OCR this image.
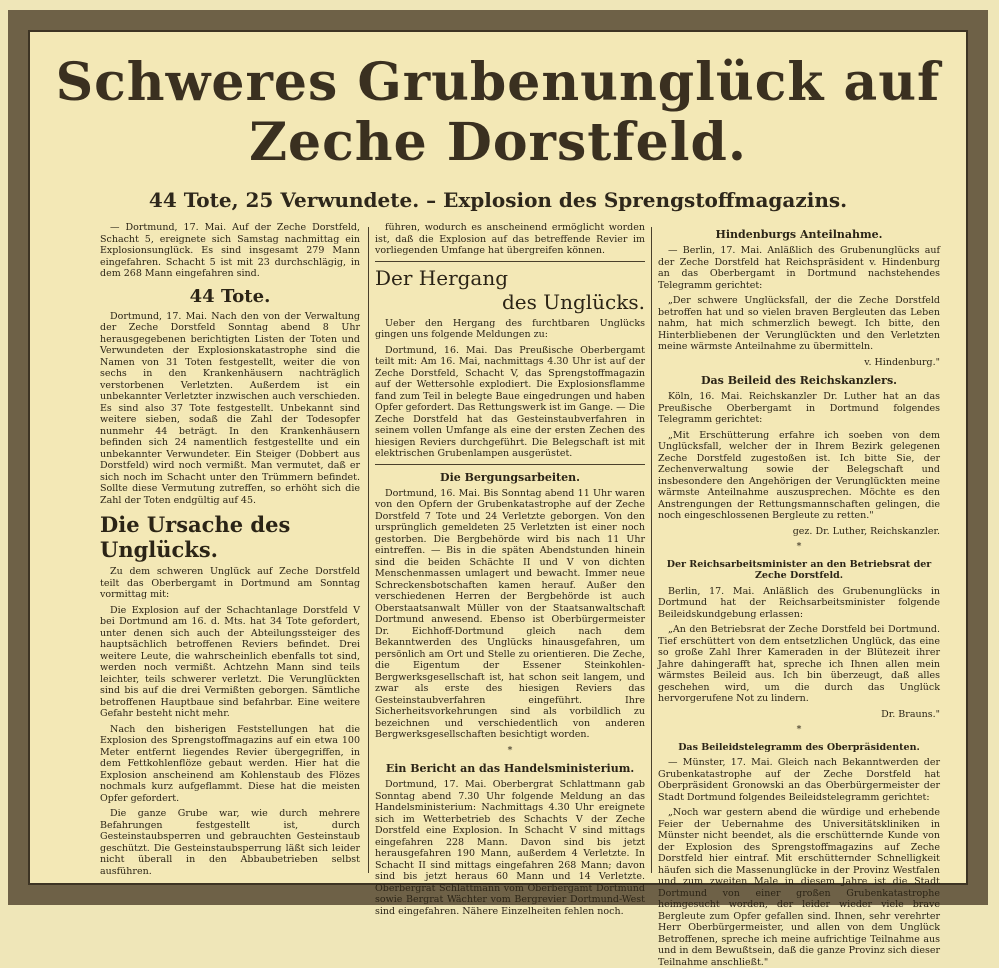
Schweres Grubenunglück auf
Zeche Dorstfeld.
44 Tote, 25 Verwundete. – Explosion des Sprengstoffmagazins.

— Dortmund, 17. Mai. Auf der Zeche Dorstfeld, Schacht 5, ereignete sich Samstag nachmittag ein Explosionsunglück. Es sind insgesamt 279 Mann eingefahren. Schacht 5 ist mit 23 durchschlägig, in dem 268 Mann eingefahren sind.

44 Tote.

Dortmund, 17. Mai. Nach den von der Verwaltung der Zeche Dorstfeld Sonntag abend 8 Uhr herausgegebenen berichtigten Listen der Toten und Verwundeten der Explosionskatastrophe sind die Namen von 31 Toten festgestellt, weiter die von sechs in den Krankenhäusern nachträglich verstorbenen Verletzten. Außerdem ist ein unbekannter Verletzter inzwischen auch verschieden. Es sind also 37 Tote festgestellt. Unbekannt sind weitere sieben, sodaß die Zahl der Todesopfer nunmehr 44 beträgt. In den Krankenhäusern befinden sich 24 namentlich festgestellte und ein unbekannter Verwundeter. Ein Steiger (Dobbert aus Dorstfeld) wird noch vermißt. Man vermutet, daß er sich noch im Schacht unter den Trümmern befindet. Sollte diese Vermutung zutreffen, so erhöht sich die Zahl der Toten endgültig auf 45.

Die Ursache des Unglücks.

Zu dem schweren Unglück auf Zeche Dorstfeld teilt das Oberbergamt in Dortmund am Sonntag vormittag mit:

Die Explosion auf der Schachtanlage Dorstfeld V bei Dortmund am 16. d. Mts. hat 34 Tote gefordert, unter denen sich auch der Abteilungssteiger des hauptsächlich betroffenen Reviers befindet. Drei weitere Leute, die wahrscheinlich ebenfalls tot sind, werden noch vermißt. Achtzehn Mann sind teils leichter, teils schwerer verletzt. Die Verunglückten sind bis auf die drei Vermißten geborgen. Sämtliche betroffenen Hauptbaue sind befahrbar. Eine weitere Gefahr besteht nicht mehr.

Nach den bisherigen Feststellungen hat die Explosion des Sprengstoffmagazins auf ein etwa 100 Meter entfernt liegendes Revier übergegriffen, in dem Fettkohlenflöze gebaut werden. Hier hat die Explosion anscheinend am Kohlenstaub des Flözes nochmals kurz aufgeflammt. Diese hat die meisten Opfer gefordert.

Die ganze Grube war, wie durch mehrere Befahrungen festgestellt ist, durch Gesteinstaubsperren und gebrauchten Gesteinstaub geschützt. Die Gesteinstaubsperrung läßt sich leider nicht überall in den Abbaubetrieben selbst ausführen.

führen, wodurch es anscheinend ermöglicht worden ist, daß die Explosion auf das betreffende Revier im vorliegenden Umfange hat übergreifen können.

Der Hergang
des Unglücks.

Ueber den Hergang des furchtbaren Unglücks gingen uns folgende Meldungen zu:

Dortmund, 16. Mai. Das Preußische Oberbergamt teilt mit: Am 16. Mai, nachmittags 4.30 Uhr ist auf der Zeche Dorstfeld, Schacht V, das Sprengstoffmagazin auf der Wettersohle explodiert. Die Explosionsflamme fand zum Teil in belegte Baue eingedrungen und haben Opfer gefordert. Das Rettungswerk ist im Gange. — Die Zeche Dorstfeld hat das Gesteinstaubverfahren in seinem vollen Umfange als eine der ersten Zechen des hiesigen Reviers durchgeführt. Die Belegschaft ist mit elektrischen Grubenlampen ausgerüstet.

Die Bergungsarbeiten.

Dortmund, 16. Mai. Bis Sonntag abend 11 Uhr waren von den Opfern der Grubenkatastrophe auf der Zeche Dorstfeld 7 Tote und 24 Verletzte geborgen. Von den ursprünglich gemeldeten 25 Verletzten ist einer noch gestorben. Die Bergbehörde wird bis nach 11 Uhr eintreffen. — Bis in die späten Abendstunden hinein sind die beiden Schächte II und V von dichten Menschenmassen umlagert und bewacht. Immer neue Schreckensbotschaften kamen herauf. Außer den verschiedenen Herren der Bergbehörde ist auch Oberstaatsanwalt Müller von der Staatsanwaltschaft Dortmund anwesend. Ebenso ist Oberbürgermeister Dr. Eichhoff-Dortmund gleich nach dem Bekanntwerden des Unglücks hinausgefahren, um persönlich am Ort und Stelle zu orientieren. Die Zeche, die Eigentum der Essener Steinkohlen-Bergwerksgesellschaft ist, hat schon seit langem, und zwar als erste des hiesigen Reviers das Gesteinstaubverfahren eingeführt. Ihre Sicherheitsvorkehrungen sind als vorbildlich zu bezeichnen und verschiedentlich von anderen Bergwerksgesellschaften besichtigt worden.

*
Ein Bericht an das Handelsministerium.

Dortmund, 17. Mai. Oberbergrat Schlattmann gab Sonntag abend 7.30 Uhr folgende Meldung an das Handelsministerium: Nachmittags 4.30 Uhr ereignete sich im Wetterbetrieb des Schachts V der Zeche Dorstfeld eine Explosion. In Schacht V sind mittags eingefahren 228 Mann. Davon sind bis jetzt herausgefahren 190 Mann, außerdem 4 Verletzte. In Schacht II sind mittags eingefahren 268 Mann; davon sind bis jetzt heraus 60 Mann und 14 Verletzte. Oberbergrat Schlattmann vom Oberbergamt Dortmund sowie Bergrat Wächter vom Bergrevier Dortmund-West sind eingefahren. Nähere Einzelheiten fehlen noch.

Hindenburgs Anteilnahme.

— Berlin, 17. Mai. Anläßlich des Grubenunglücks auf der Zeche Dorstfeld hat Reichspräsident v. Hindenburg an das Oberbergamt in Dortmund nachstehendes Telegramm gerichtet:

„Der schwere Unglücksfall, der die Zeche Dorstfeld betroffen hat und so vielen braven Bergleuten das Leben nahm, hat mich schmerzlich bewegt. Ich bitte, den Hinterbliebenen der Verunglückten und den Verletzten meine wärmste Anteilnahme zu übermitteln.

v. Hindenburg."
Das Beileid des Reichskanzlers.

Köln, 16. Mai. Reichskanzler Dr. Luther hat an das Preußische Oberbergamt in Dortmund folgendes Telegramm gerichtet:

„Mit Erschütterung erfahre ich soeben von dem Unglücksfall, welcher der in Ihrem Bezirk gelegenen Zeche Dorstfeld zugestoßen ist. Ich bitte Sie, der Zechenverwaltung sowie der Belegschaft und insbesondere den Angehörigen der Verunglückten meine wärmste Anteilnahme auszusprechen. Möchte es den Anstrengungen der Rettungsmannschaften gelingen, die noch eingeschlossenen Bergleute zu retten."

gez. Dr. Luther, Reichskanzler.
*
Der Reichsarbeitsminister an den Betriebsrat der Zeche Dorstfeld.

Berlin, 17. Mai. Anläßlich des Grubenunglücks in Dortmund hat der Reichsarbeitsminister folgende Beileidskundgebung erlassen:

„An den Betriebsrat der Zeche Dorstfeld bei Dortmund. Tief erschüttert von dem entsetzlichen Unglück, das eine so große Zahl Ihrer Kameraden in der Blütezeit ihrer Jahre dahingerafft hat, spreche ich Ihnen allen mein wärmstes Beileid aus. Ich bin überzeugt, daß alles geschehen wird, um die durch das Unglück hervorgerufene Not zu lindern.

Dr. Brauns."
*
Das Beileidstelegramm des Oberpräsidenten.

— Münster, 17. Mai. Gleich nach Bekanntwerden der Grubenkatastrophe auf der Zeche Dorstfeld hat Oberpräsident Gronowski an das Oberbürgermeister der Stadt Dortmund folgendes Beileidstelegramm gerichtet:

„Noch war gestern abend die würdige und erhebende Feier der Uebernahme des Universitätskliniken in Münster nicht beendet, als die erschütternde Kunde von der Explosion des Sprengstoffmagazins auf Zeche Dorstfeld hier eintraf. Mit erschütternder Schnelligkeit häufen sich die Massenunglücke in der Provinz Westfalen und zum zweiten Male in diesem Jahre ist die Stadt Dortmund von einer großen Grubenkatastrophe heimgesucht worden, der leider wieder viele brave Bergleute zum Opfer gefallen sind. Ihnen, sehr verehrter Herr Oberbürgermeister, und allen von dem Unglück Betroffenen, spreche ich meine aufrichtige Teilnahme aus und in dem Bewußtsein, daß die ganze Provinz sich dieser Teilnahme anschließt."
